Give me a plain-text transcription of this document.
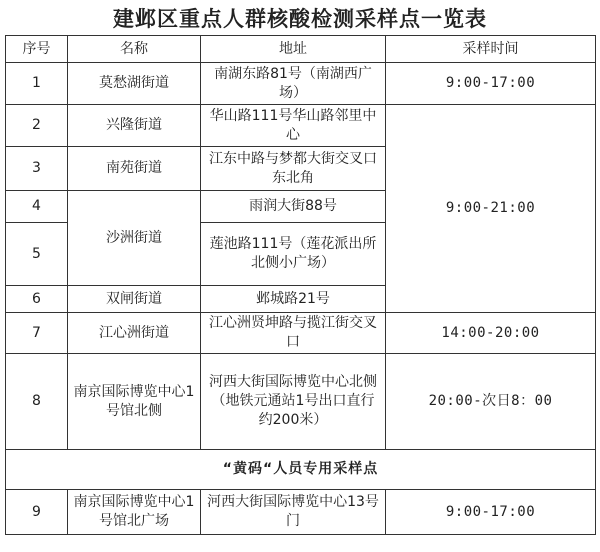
建邺区重点人群核酸检测采样点一览表
序号	名称	地址	采样时间
1	莫愁湖街道	南湖东路81号（南湖西广场）	9:00-17:00
2	兴隆街道	华山路111号华山路邻里中心	9:00-21:00
3	南苑街道	江东中路与梦都大街交叉口东北角	
4	沙洲街道	雨润大街88号	
5		莲池路111号（莲花派出所北侧小广场）	
6	双闸街道	邺城路21号	
7	江心洲街道	江心洲贤坤路与揽江街交叉口	14:00-20:00
8	南京国际博览中心1号馆北侧	河西大街国际博览中心北侧（地铁元通站1号出口直行约200米）	20:00-次日8：00
“黄码“人员专用采样点			
9	南京国际博览中心1号馆北广场	河西大街国际博览中心13号门	9:00-17:00
